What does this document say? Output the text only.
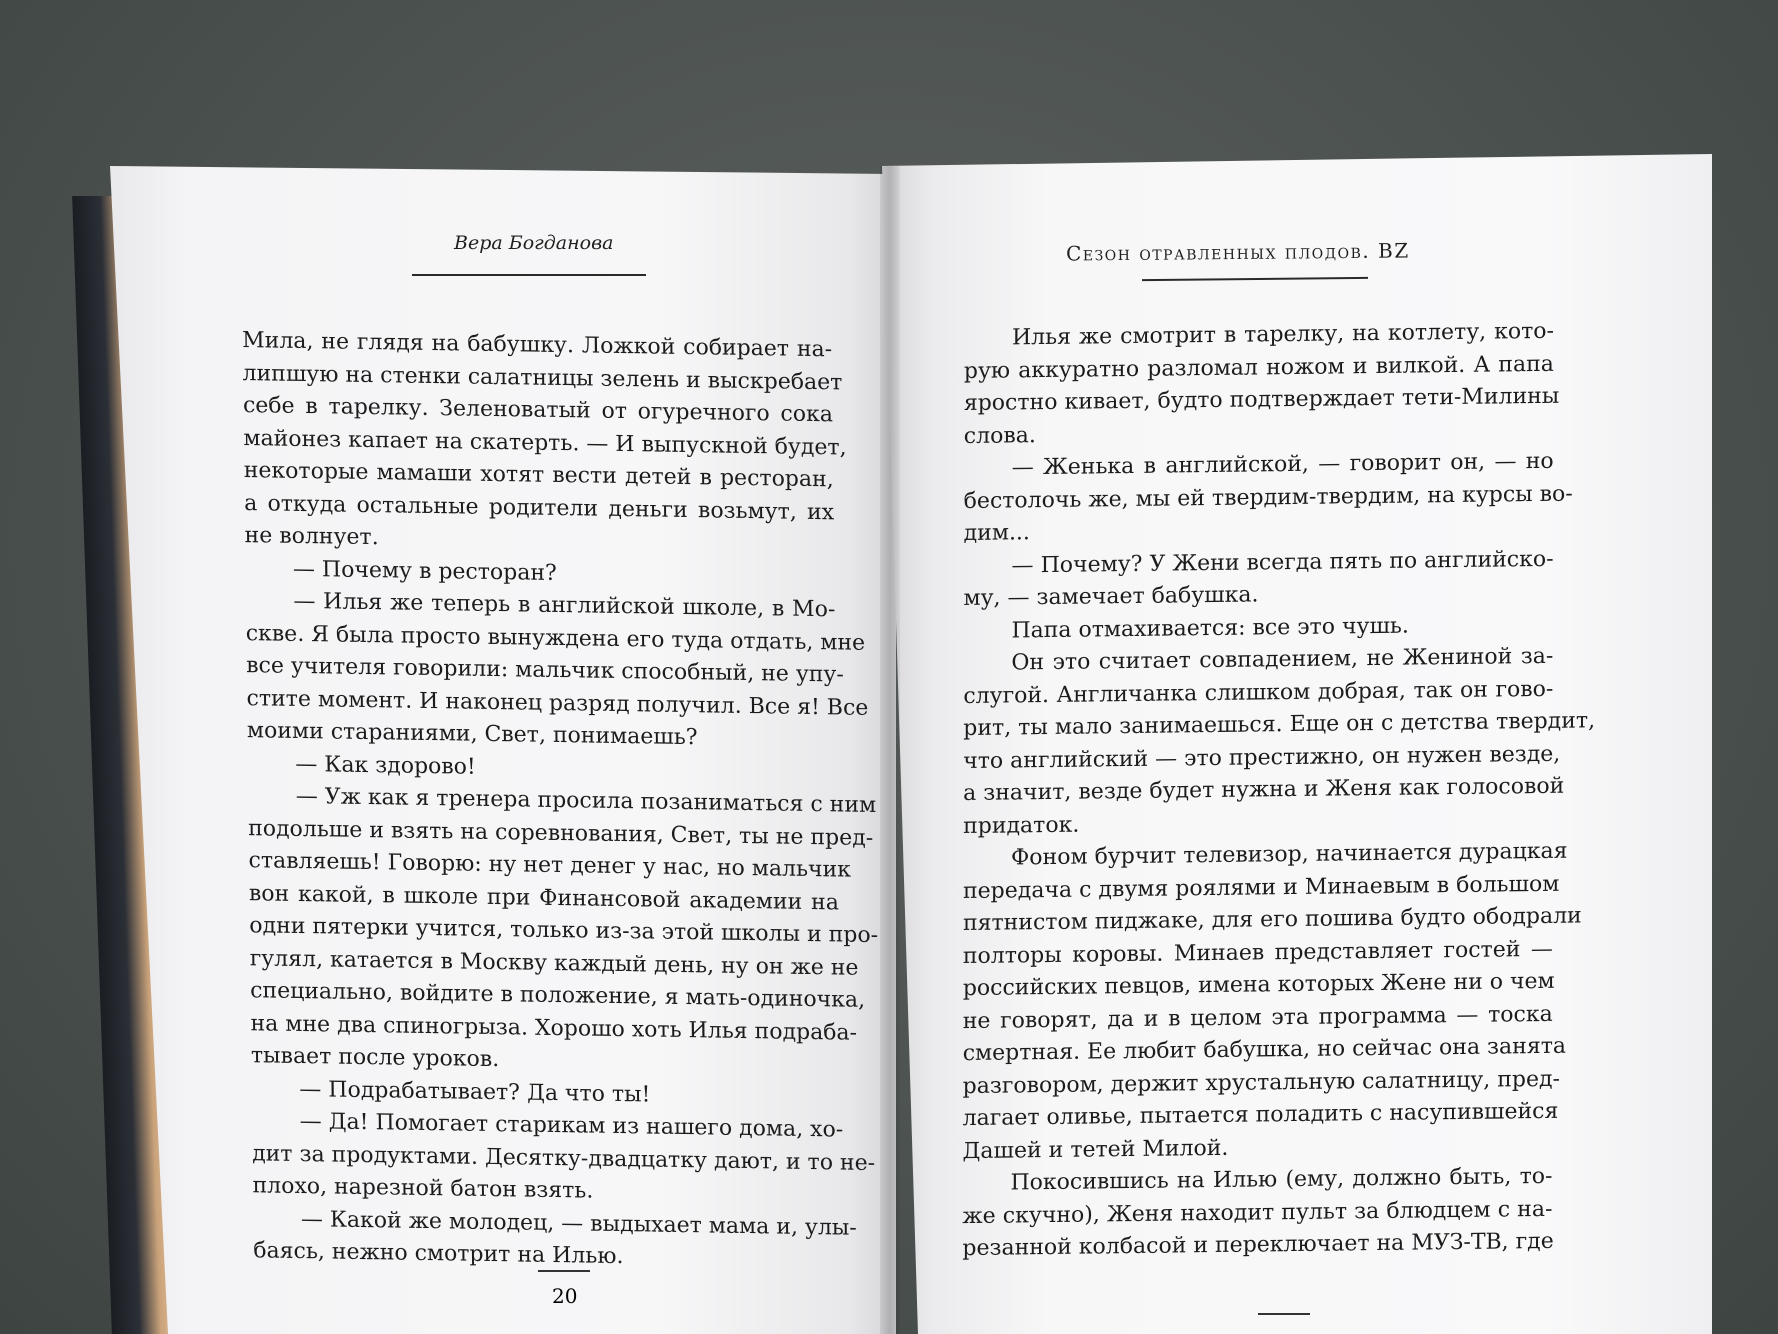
Вера Богданова	Сезон отравленных плодов. BZ
Мила, не глядя на бабушку. Ложкой собирает на-
липшую на стенки салатницы зелень и выскребает
себе в тарелку. Зеленоватый от огуречного сока
майонез капает на скатерть. — И выпускной будет,
некоторые мамаши хотят вести детей в ресторан,
а откуда остальные родители деньги возьмут, их
не волнует.
— Почему в ресторан?
— Илья же теперь в английской школе, в Мо-
скве. Я была просто вынуждена его туда отдать, мне
все учителя говорили: мальчик способный, не упу-
стите момент. И наконец разряд получил. Все я! Все
моими стараниями, Свет, понимаешь?
— Как здорово!
— Уж как я тренера просила позаниматься с ним
подольше и взять на соревнования, Свет, ты не пред-
ставляешь! Говорю: ну нет денег у нас, но мальчик
вон какой, в школе при Финансовой академии на
одни пятерки учится, только из-за этой школы и про-
гулял, катается в Москву каждый день, ну он же не
специально, войдите в положение, я мать-одиночка,
на мне два спиногрыза. Хорошо хоть Илья подраба-
тывает после уроков.
— Подрабатывает? Да что ты!
— Да! Помогает старикам из нашего дома, хо-
дит за продуктами. Десятку-двадцатку дают, и то не-
плохо, нарезной батон взять.
— Какой же молодец, — выдыхает мама и, улы-
баясь, нежно смотрит на Илью.
Илья же смотрит в тарелку, на котлету, кото-
рую аккуратно разломал ножом и вилкой. А папа
яростно кивает, будто подтверждает тети-Милины
слова.
— Женька в английской, — говорит он, — но
бестолочь же, мы ей твердим-твердим, на курсы во-
дим...
— Почему? У Жени всегда пять по английско-
му, — замечает бабушка.
Папа отмахивается: все это чушь.
Он это считает совпадением, не Жениной за-
слугой. Англичанка слишком добрая, так он гово-
рит, ты мало занимаешься. Еще он с детства твердит,
что английский — это престижно, он нужен везде,
а значит, везде будет нужна и Женя как голосовой
придаток.
Фоном бурчит телевизор, начинается дурацкая
передача с двумя роялями и Минаевым в большом
пятнистом пиджаке, для его пошива будто ободрали
полторы коровы. Минаев представляет гостей —
российских певцов, имена которых Жене ни о чем
не говорят, да и в целом эта программа — тоска
смертная. Ее любит бабушка, но сейчас она занята
разговором, держит хрустальную салатницу, пред-
лагает оливье, пытается поладить с насупившейся
Дашей и тетей Милой.
Покосившись на Илью (ему, должно быть, то-
же скучно), Женя находит пульт за блюдцем с на-
резанной колбасой и переключает на МУЗ-ТВ, где
20
